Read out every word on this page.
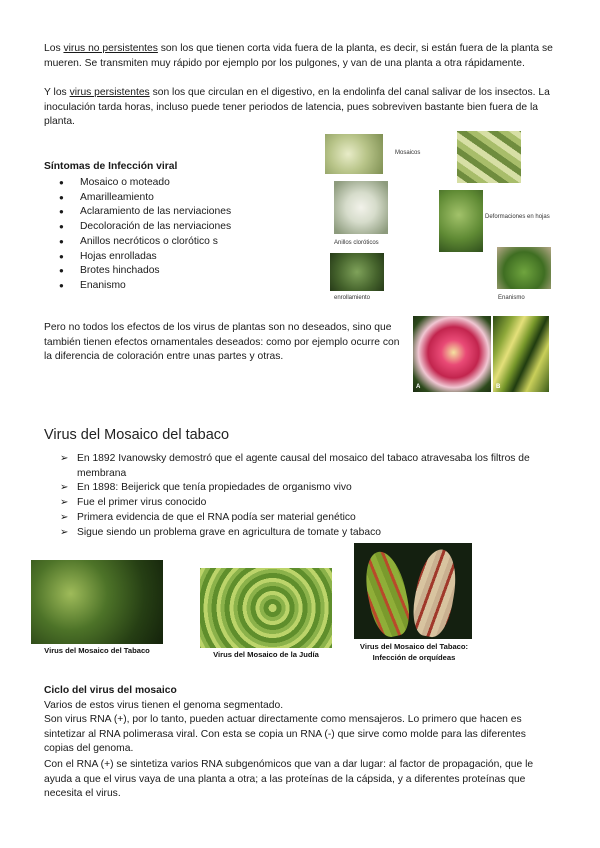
Los virus no persistentes son los que tienen corta vida fuera de la planta, es decir, si están fuera de la planta se mueren. Se transmiten muy rápido por ejemplo por los pulgones, y van de una planta a otra rápidamente.
Y los virus persistentes son los que circulan en el digestivo, en la endolinfa del canal salivar de los insectos. La inoculación tarda horas, incluso puede tener periodos de latencia, pues sobreviven bastante bien fuera de la planta.
Síntomas de Infección viral
● Mosaico o moteado
● Amarilleamiento
● Aclaramiento de las nerviaciones
● Decoloración de las nerviaciones
● Anillos necróticos o clorótico s
● Hojas enrolladas
● Brotes hinchados
● Enanismo
Mosaicos
Anillos cloróticos
Deformaciones en hojas
enrollamiento	Enanismo
Pero no todos los efectos de los virus de plantas son no deseados, sino que también tienen efectos ornamentales deseados: como por ejemplo ocurre con la diferencia de coloración entre unas partes y otras.
A	B
Virus del Mosaico del tabaco
➢ En 1892 Ivanowsky demostró que el agente causal del mosaico del tabaco atravesaba los filtros de membrana
➢ En 1898: Beijerick que tenía propiedades de organismo vivo
➢ Fue el primer virus conocido
➢ Primera evidencia de que el RNA podía ser material genético
➢ Sigue siendo un problema grave en agricultura de tomate y tabaco
Virus del Mosaico del Tabaco	Virus del Mosaico de la Judía
Virus del Mosaico del Tabaco:
Infección de orquídeas
Ciclo del virus del mosaico
Varios de estos virus tienen el genoma segmentado.
Son virus RNA (+), por lo tanto, pueden actuar directamente como mensajeros. Lo primero que hacen es sintetizar al RNA polimerasa viral. Con esta se copia un RNA (-) que sirve como molde para las diferentes copias del genoma.
Con el RNA (+) se sintetiza varios RNA subgenómicos que van a dar lugar: al factor de propagación, que le ayuda a que el virus vaya de una planta a otra; a las proteínas de la cápsida, y a diferentes proteínas que necesita el virus.
